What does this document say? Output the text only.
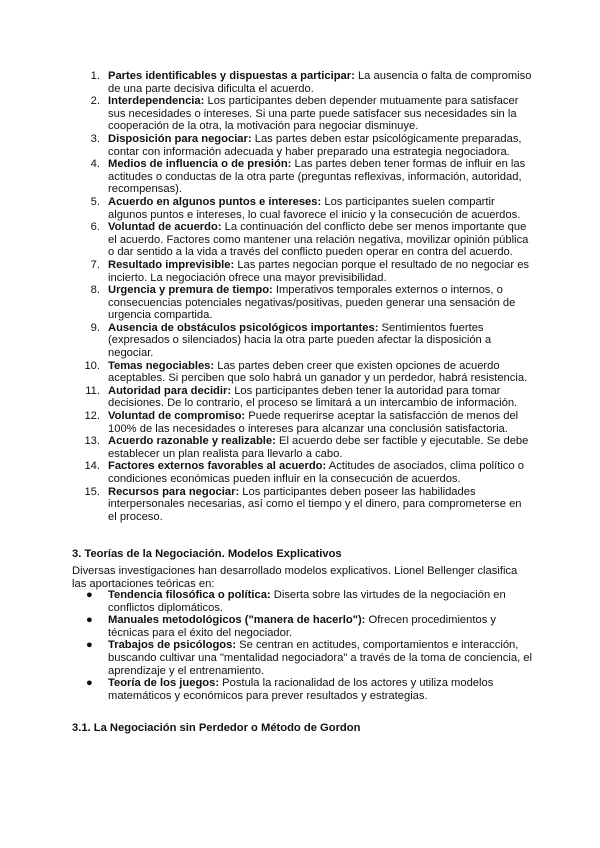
1. Partes identificables y dispuestas a participar: La ausencia o falta de compromiso de una parte decisiva dificulta el acuerdo.
2. Interdependencia: Los participantes deben depender mutuamente para satisfacer sus necesidades o intereses. Si una parte puede satisfacer sus necesidades sin la cooperación de la otra, la motivación para negociar disminuye.
3. Disposición para negociar: Las partes deben estar psicológicamente preparadas, contar con información adecuada y haber preparado una estrategia negociadora.
4. Medios de influencia o de presión: Las partes deben tener formas de influir en las actitudes o conductas de la otra parte (preguntas reflexivas, información, autoridad, recompensas).
5. Acuerdo en algunos puntos e intereses: Los participantes suelen compartir algunos puntos e intereses, lo cual favorece el inicio y la consecución de acuerdos.
6. Voluntad de acuerdo: La continuación del conflicto debe ser menos importante que el acuerdo. Factores como mantener una relación negativa, movilizar opinión pública o dar sentido a la vida a través del conflicto pueden operar en contra del acuerdo.
7. Resultado imprevisible: Las partes negocian porque el resultado de no negociar es incierto. La negociación ofrece una mayor previsibilidad.
8. Urgencia y premura de tiempo: Imperativos temporales externos o internos, o consecuencias potenciales negativas/positivas, pueden generar una sensación de urgencia compartida.
9. Ausencia de obstáculos psicológicos importantes: Sentimientos fuertes (expresados o silenciados) hacia la otra parte pueden afectar la disposición a negociar.
10. Temas negociables: Las partes deben creer que existen opciones de acuerdo aceptables. Si perciben que solo habrá un ganador y un perdedor, habrá resistencia.
11. Autoridad para decidir: Los participantes deben tener la autoridad para tomar decisiones. De lo contrario, el proceso se limitará a un intercambio de información.
12. Voluntad de compromiso: Puede requerirse aceptar la satisfacción de menos del 100% de las necesidades o intereses para alcanzar una conclusión satisfactoria.
13. Acuerdo razonable y realizable: El acuerdo debe ser factible y ejecutable. Se debe establecer un plan realista para llevarlo a cabo.
14. Factores externos favorables al acuerdo: Actitudes de asociados, clima político o condiciones económicas pueden influir en la consecución de acuerdos.
15. Recursos para negociar: Los participantes deben poseer las habilidades interpersonales necesarias, así como el tiempo y el dinero, para comprometerse en el proceso.
3. Teorías de la Negociación. Modelos Explicativos
Diversas investigaciones han desarrollado modelos explicativos. Lionel Bellenger clasifica las aportaciones teóricas en:
● Tendencia filosófica o política: Diserta sobre las virtudes de la negociación en conflictos diplomáticos.
● Manuales metodológicos ("manera de hacerlo"): Ofrecen procedimientos y técnicas para el éxito del negociador.
● Trabajos de psicólogos: Se centran en actitudes, comportamientos e interacción, buscando cultivar una "mentalidad negociadora" a través de la toma de conciencia, el aprendizaje y el entrenamiento.
● Teoría de los juegos: Postula la racionalidad de los actores y utiliza modelos matemáticos y económicos para prever resultados y estrategias.
3.1. La Negociación sin Perdedor o Método de Gordon
